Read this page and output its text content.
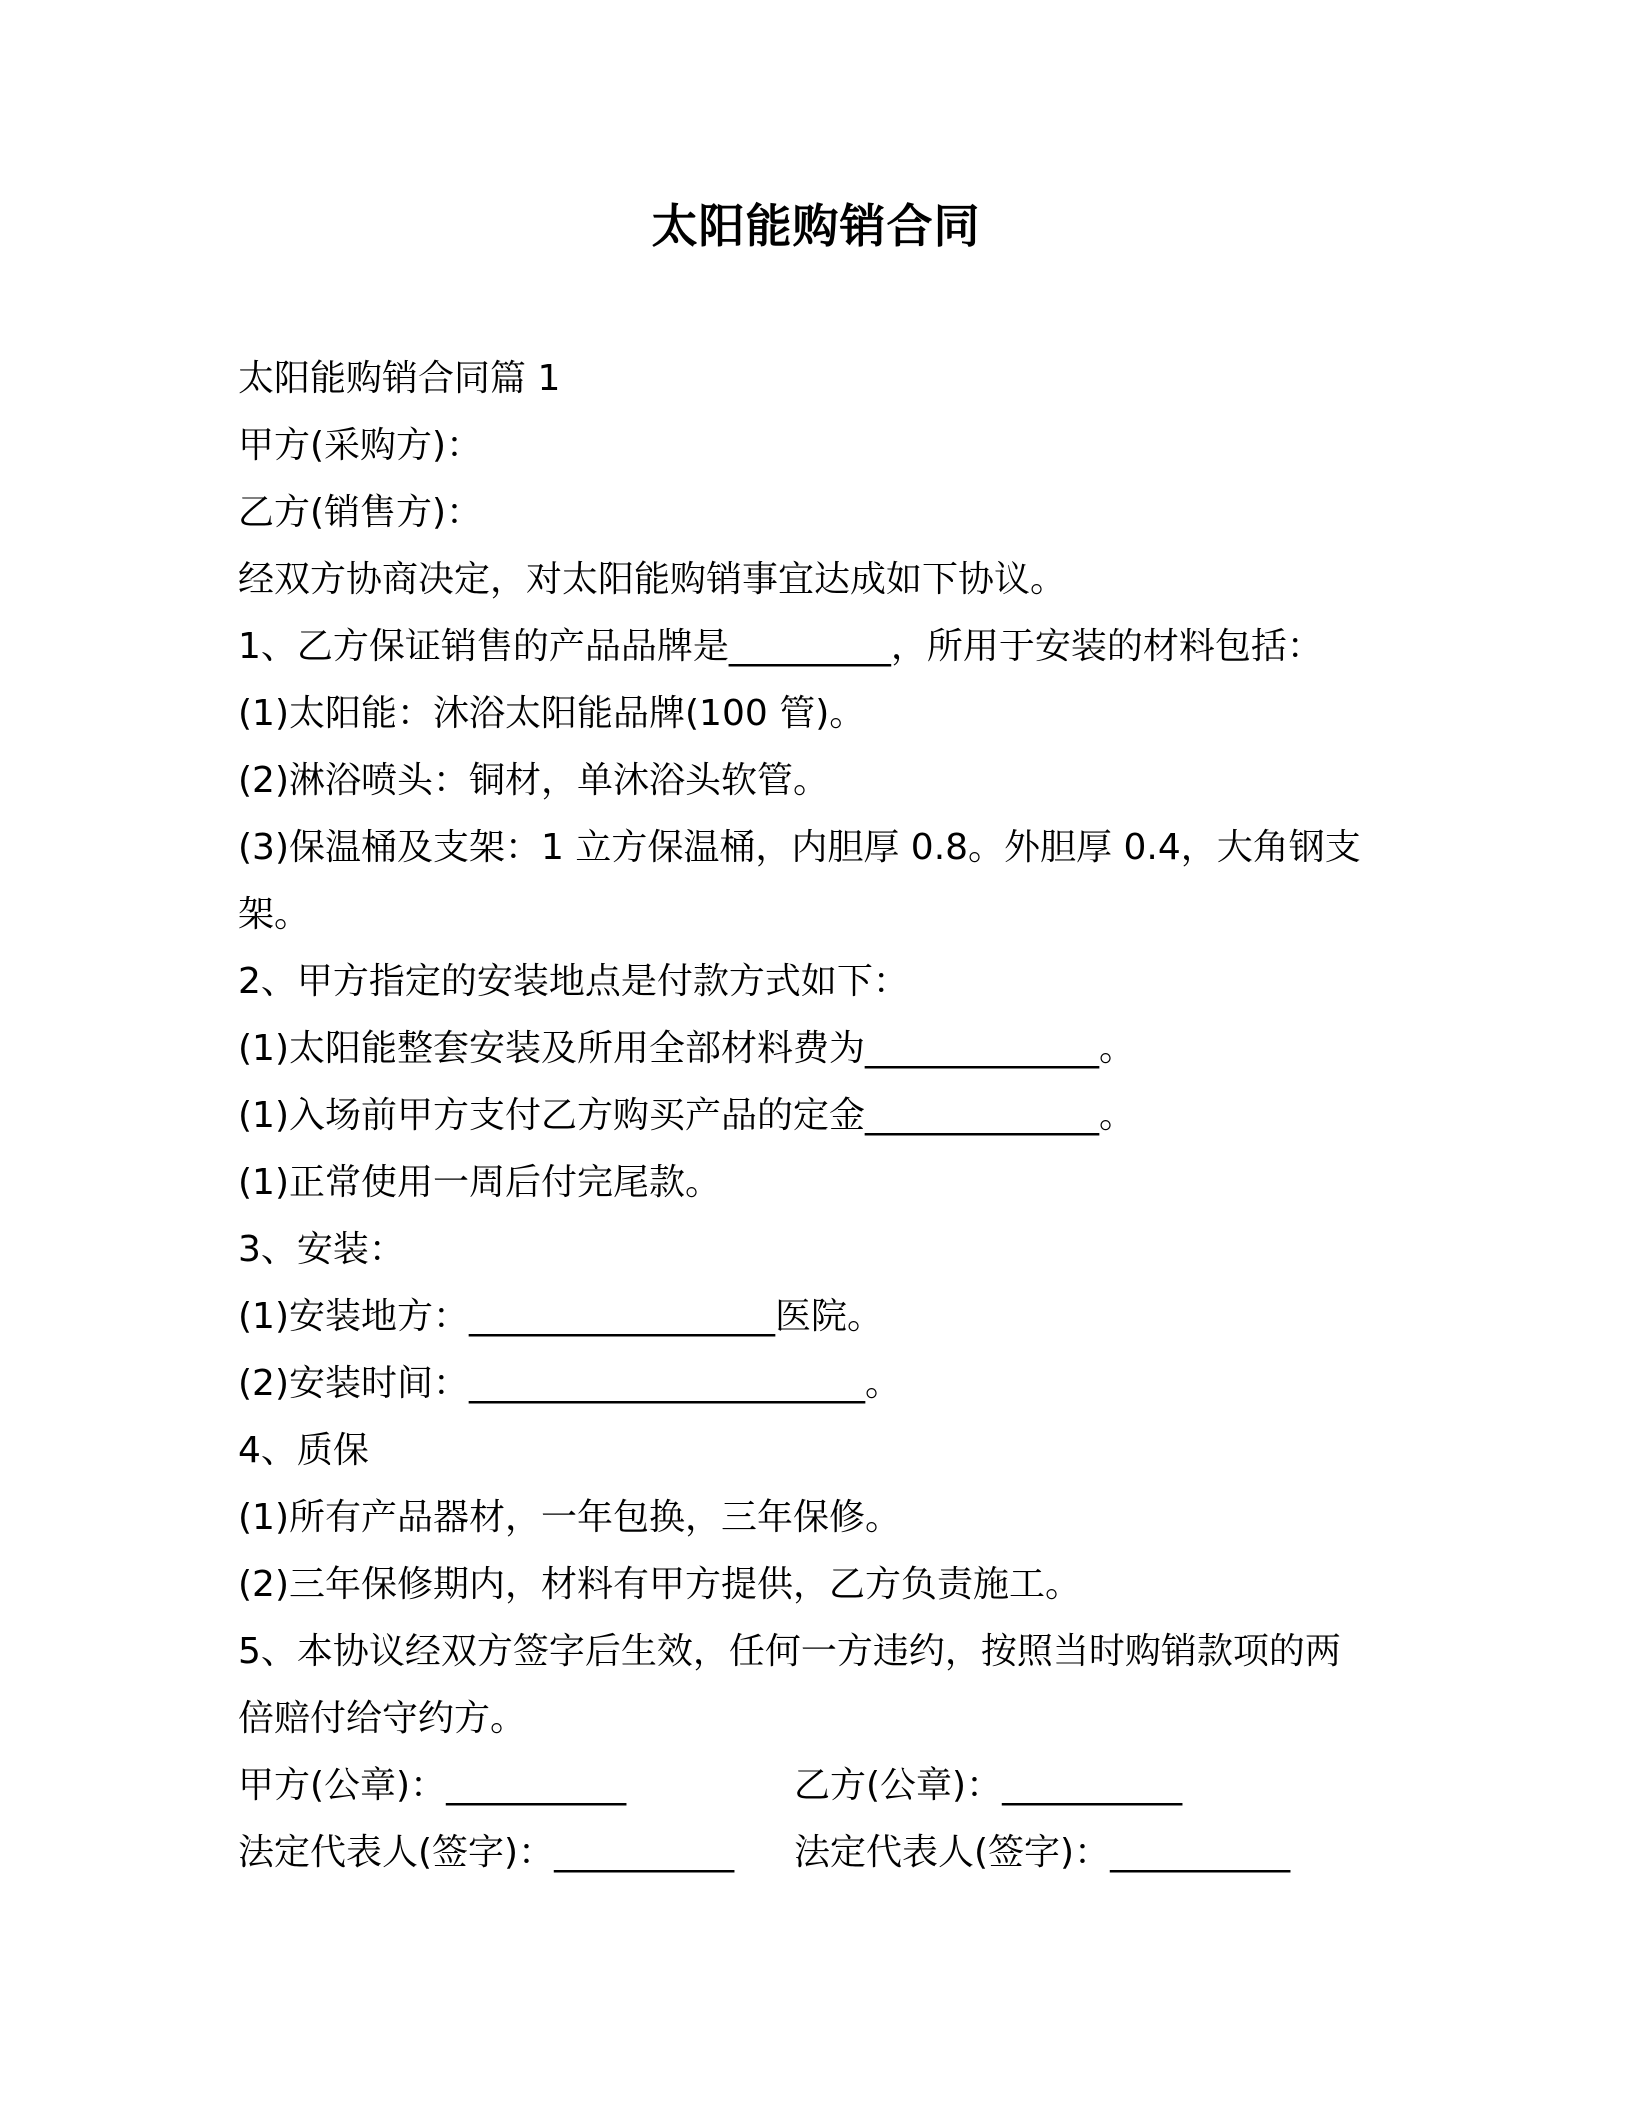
太阳能购销合同
太阳能购销合同篇 1
甲方(采购方)：
乙方(销售方)：
经双方协商决定，对太阳能购销事宜达成如下协议。
1、乙方保证销售的产品品牌是_________，所用于安装的材料包括：
(1)太阳能：沐浴太阳能品牌(100 管)。
(2)淋浴喷头：铜材，单沐浴头软管。
(3)保温桶及支架：1 立方保温桶，内胆厚 0.8。外胆厚 0.4，大角钢支
架。
2、甲方指定的安装地点是付款方式如下：
(1)太阳能整套安装及所用全部材料费为_____________。
(1)入场前甲方支付乙方购买产品的定金_____________。
(1)正常使用一周后付完尾款。
3、安装：
(1)安装地方：_________________医院。
(2)安装时间：______________________。
4、质保
(1)所有产品器材，一年包换，三年保修。
(2)三年保修期内，材料有甲方提供，乙方负责施工。
5、本协议经双方签字后生效，任何一方违约，按照当时购销款项的两
倍赔付给守约方。
甲方(公章)：__________	乙方(公章)：__________
法定代表人(签字)：__________	法定代表人(签字)：__________
